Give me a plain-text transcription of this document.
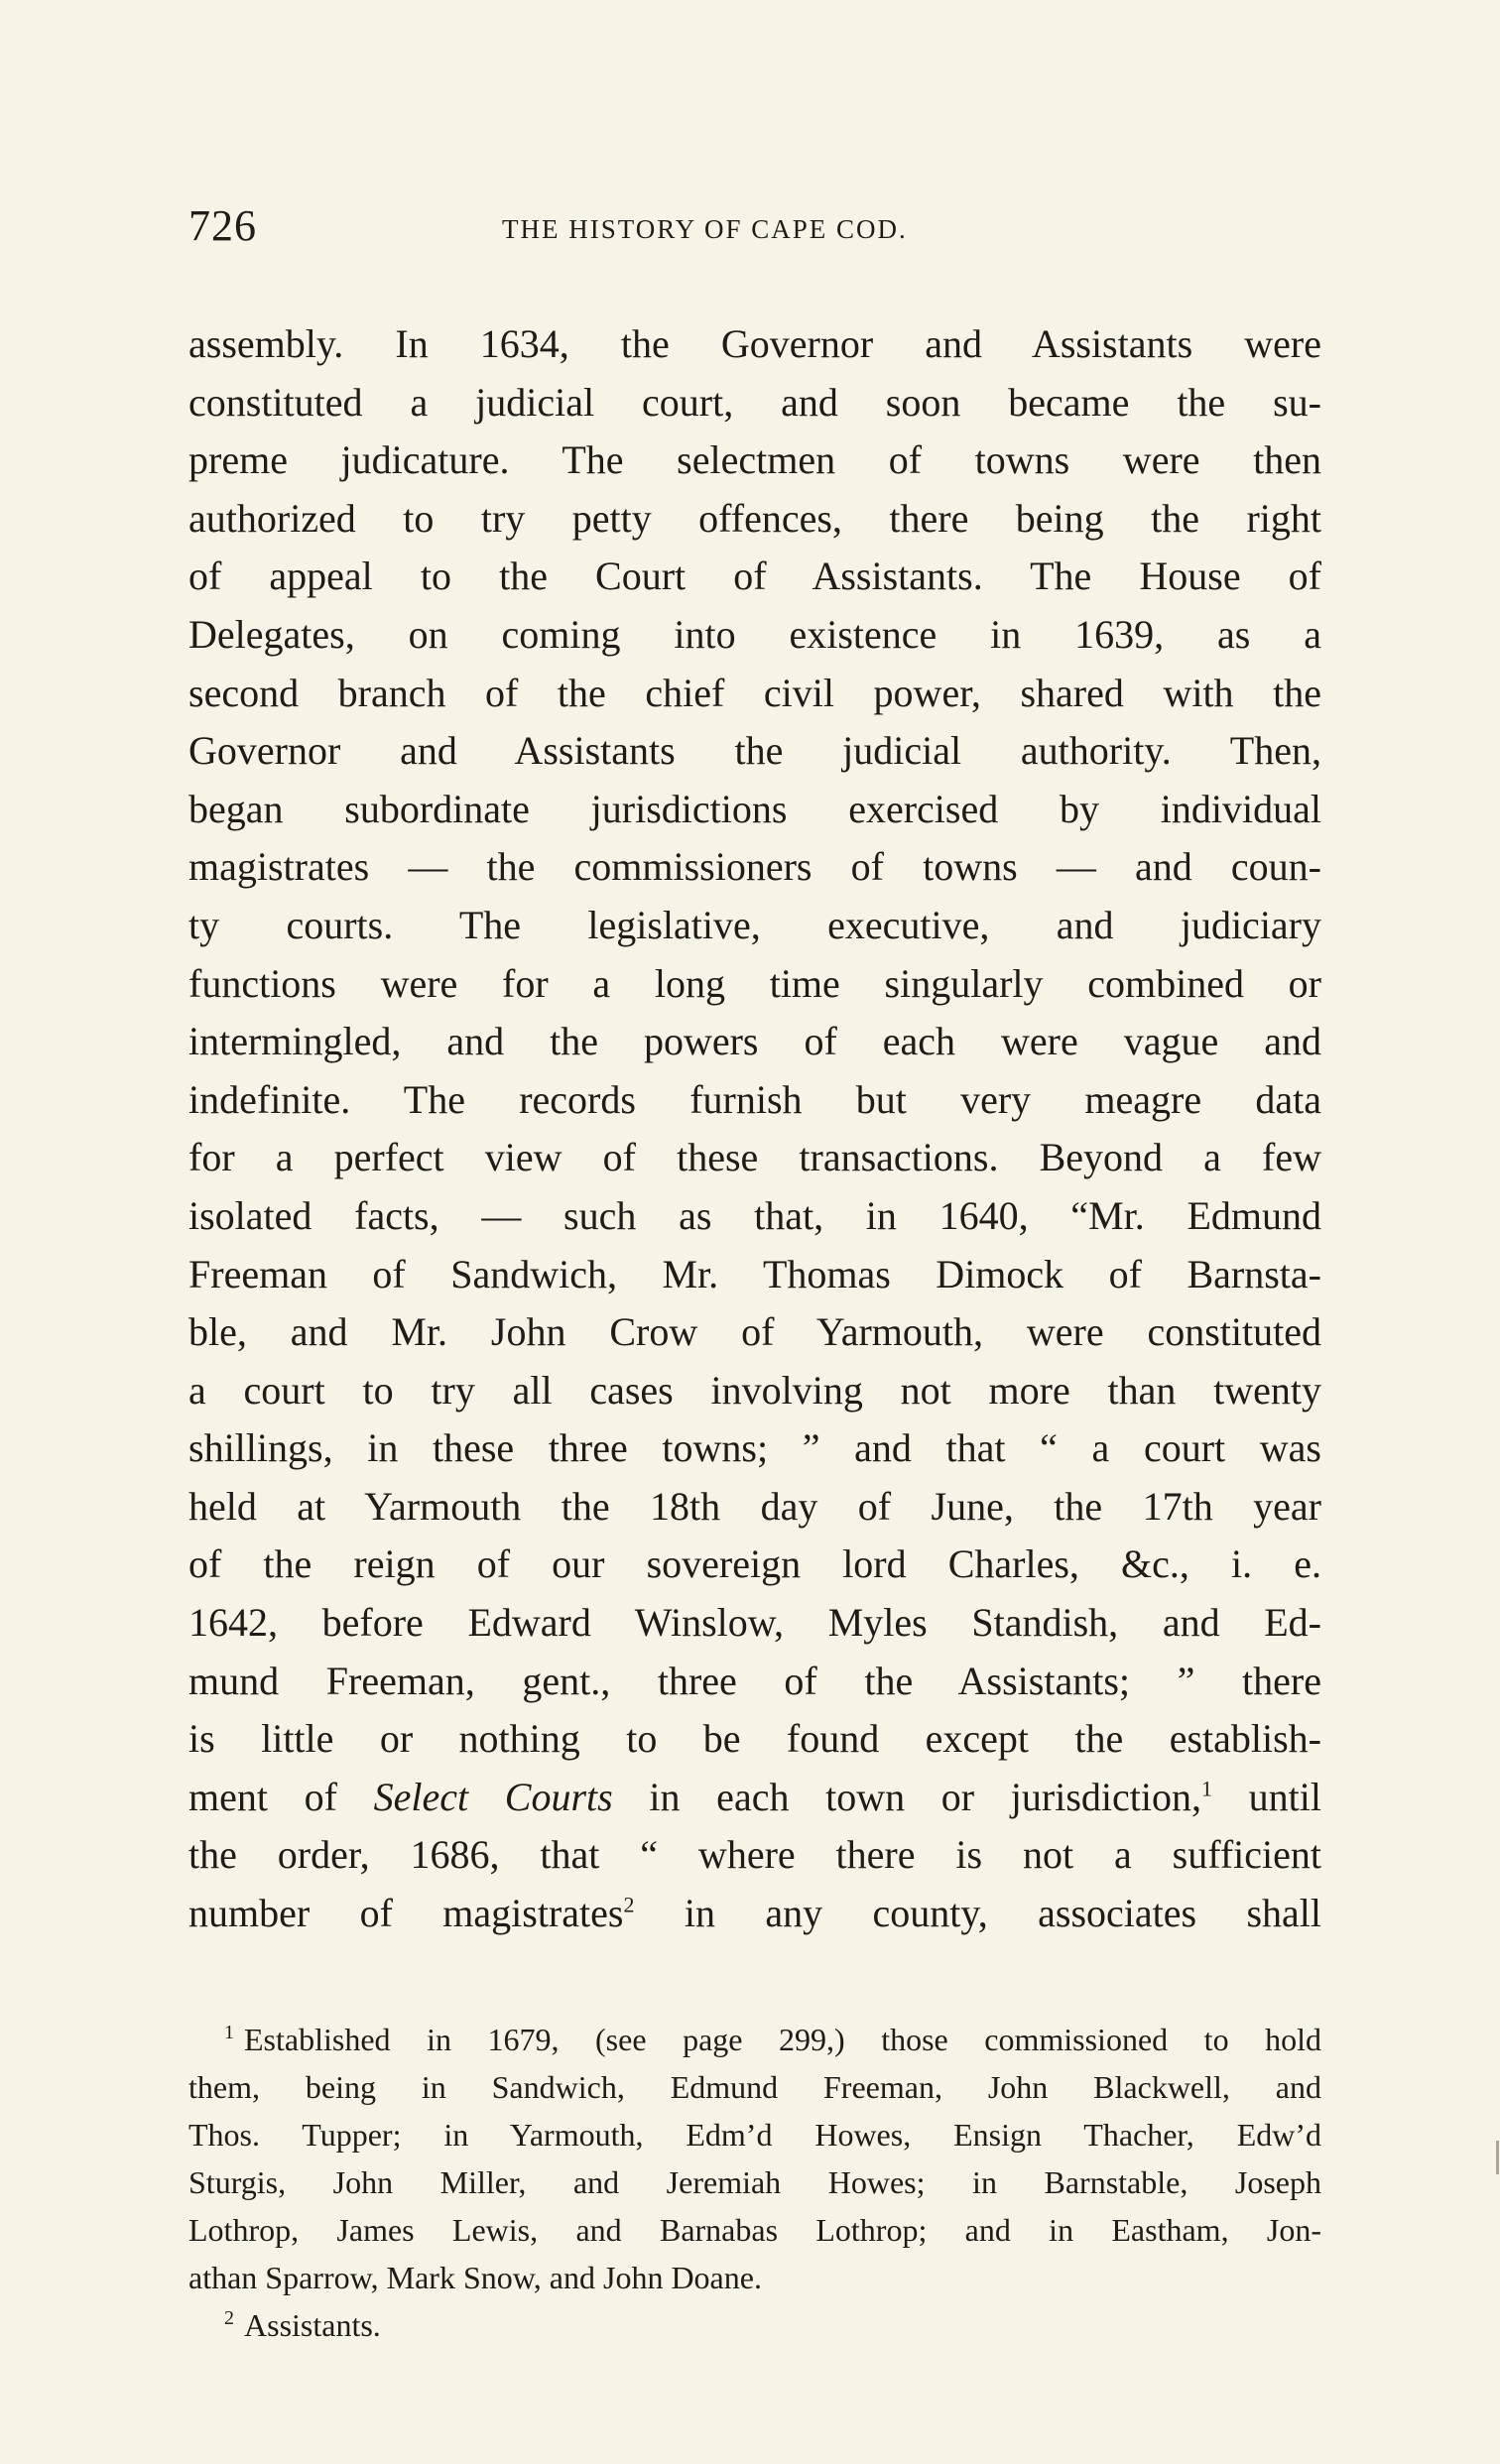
726	THE HISTORY OF CAPE COD.
assembly. In 1634, the Governor and Assistants were
constituted a judicial court, and soon became the su-
preme judicature. The selectmen of towns were then
authorized to try petty offences, there being the right
of appeal to the Court of Assistants. The House of
Delegates, on coming into existence in 1639, as a
second branch of the chief civil power, shared with the
Governor and Assistants the judicial authority. Then,
began subordinate jurisdictions exercised by individual
magistrates — the commissioners of towns — and coun-
ty courts. The legislative, executive, and judiciary
functions were for a long time singularly combined or
intermingled, and the powers of each were vague and
indefinite. The records furnish but very meagre data
for a perfect view of these transactions. Beyond a few
isolated facts, — such as that, in 1640, “Mr. Edmund
Freeman of Sandwich, Mr. Thomas Dimock of Barnsta-
ble, and Mr. John Crow of Yarmouth, were constituted
a court to try all cases involving not more than twenty
shillings, in these three towns; ” and that “ a court was
held at Yarmouth the 18th day of June, the 17th year
of the reign of our sovereign lord Charles, &c., i. e.
1642, before Edward Winslow, Myles Standish, and Ed-
mund Freeman, gent., three of the Assistants; ” there
is little or nothing to be found except the establish-
ment of Select Courts in each town or jurisdiction,$^1$ until
the order, 1686, that “ where there is not a sufficient
number of magistrates$^2$ in any county, associates shall
$^1$ Established in 1679, (see page 299,) those commissioned to hold
them, being in Sandwich, Edmund Freeman, John Blackwell, and
Thos. Tupper; in Yarmouth, Edm’d Howes, Ensign Thacher, Edw’d
Sturgis, John Miller, and Jeremiah Howes; in Barnstable, Joseph
Lothrop, James Lewis, and Barnabas Lothrop; and in Eastham, Jon-
athan Sparrow, Mark Snow, and John Doane.
$^2$ Assistants.
